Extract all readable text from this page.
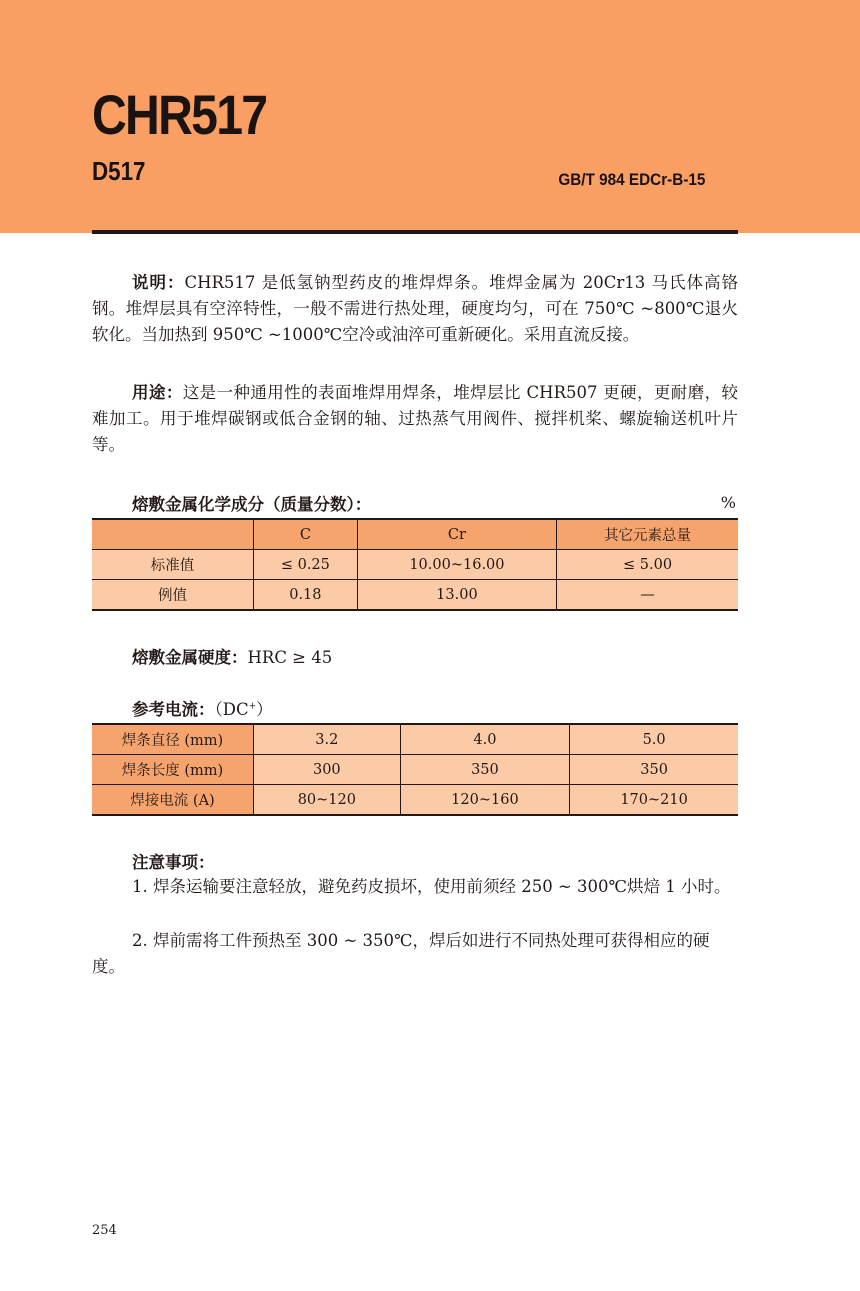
CHR517
D517	GB/T 984 EDCr-B-15

说明：CHR517 是低氢钠型药皮的堆焊焊条。堆焊金属为 20Cr13 马氏体高铬钢。堆焊层具有空淬特性，一般不需进行热处理，硬度均匀，可在 750℃ ~800℃退火软化。当加热到 950℃ ~1000℃空冷或油淬可重新硬化。采用直流反接。

用途：这是一种通用性的表面堆焊用焊条，堆焊层比 CHR507 更硬，更耐磨，较难加工。用于堆焊碳钢或低合金钢的轴、过热蒸气用阀件、搅拌机桨、螺旋输送机叶片等。

熔敷金属化学成分（质量分数）：	%
	C	Cr	其它元素总量
标准值	≤ 0.25	10.00~16.00	≤ 5.00
例值	0.18	13.00	—
熔敷金属硬度：HRC ≥ 45
参考电流：（DC+）
焊条直径 (mm)	3.2	4.0	5.0
焊条长度 (mm)	300	350	350
焊接电流 (A)	80~120	120~160	170~210
注意事项：

1. 焊条运输要注意轻放，避免药皮损坏，使用前须经 250 ~ 300℃烘焙 1 小时。

2. 焊前需将工件预热至 300 ~ 350℃，焊后如进行不同热处理可获得相应的硬度。

254
